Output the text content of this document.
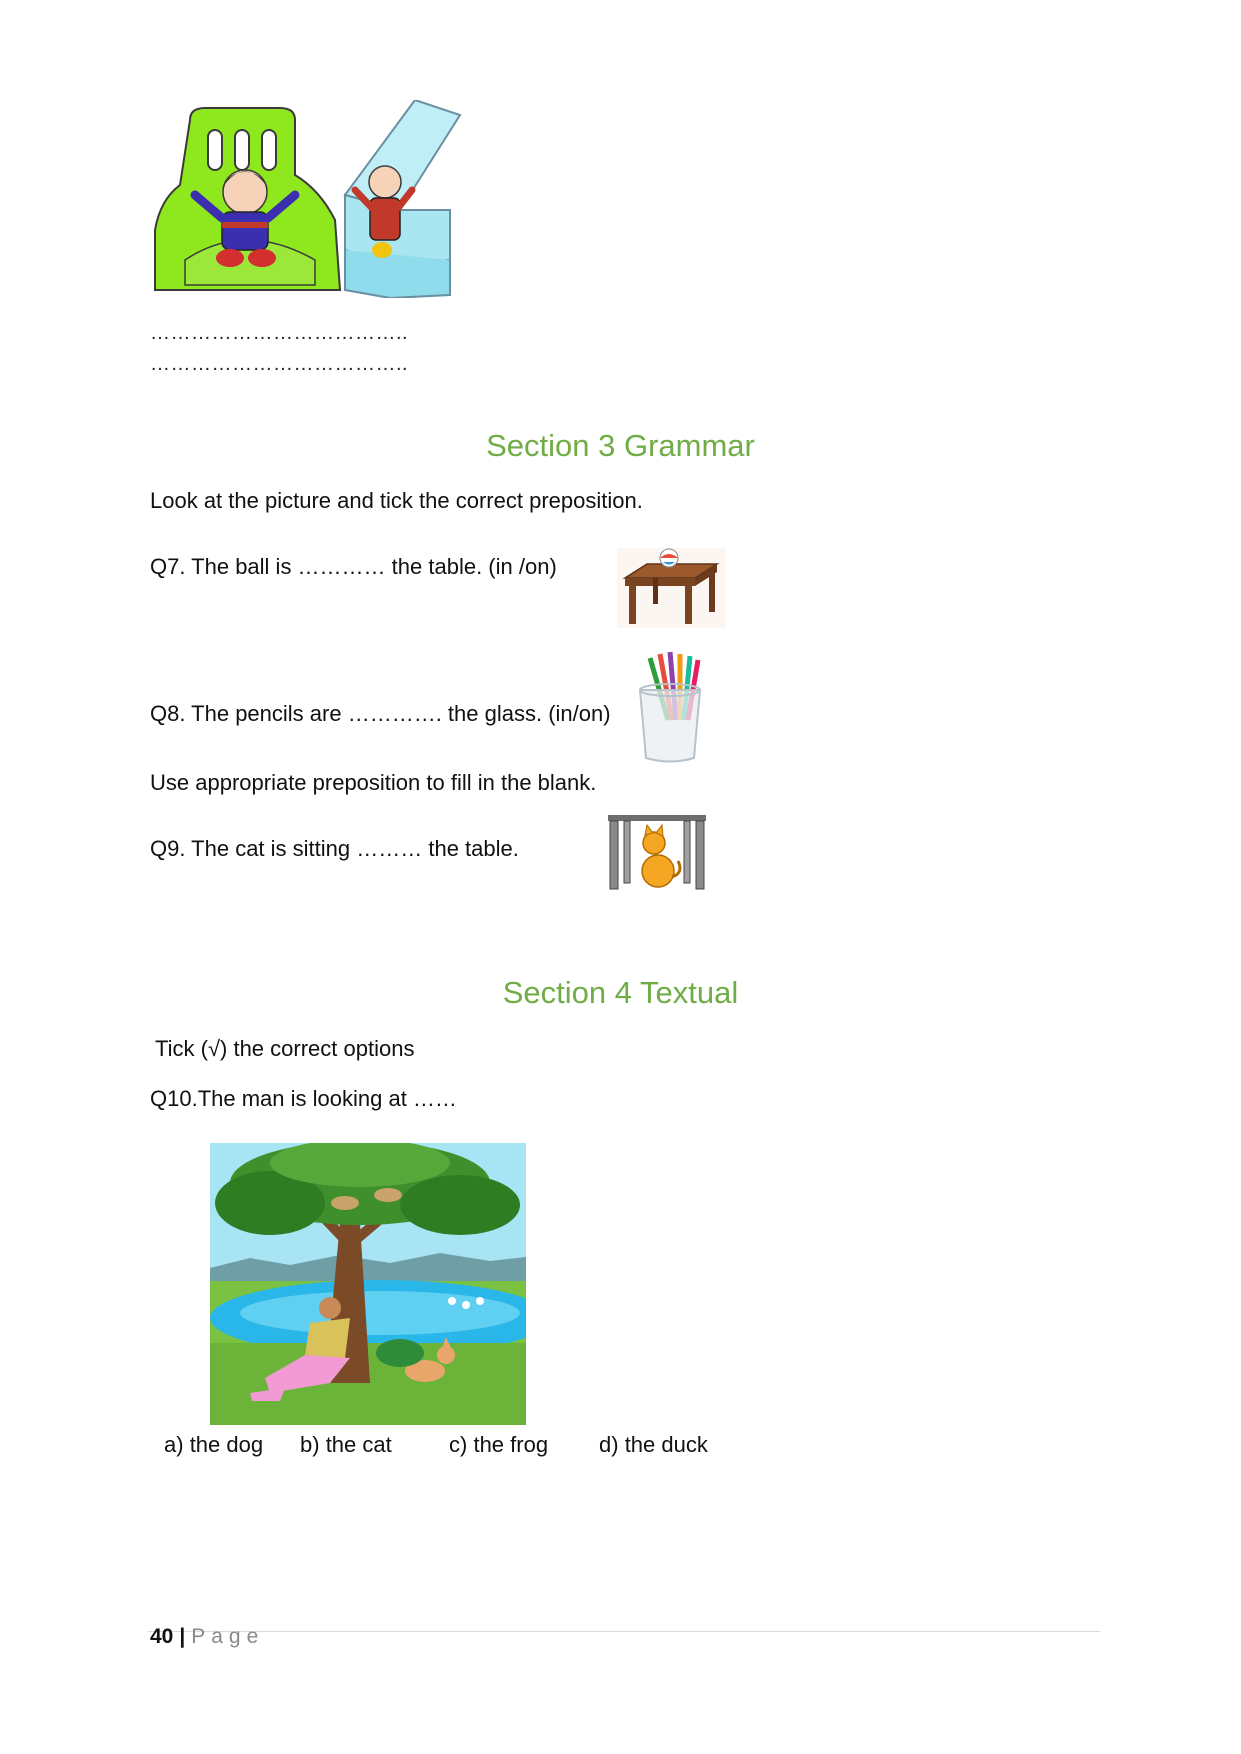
………………………………..
………………………………..
Section 3 Grammar
Look at the picture and tick the correct preposition.
Q7. The ball is ………… the table. (in /on)
Q8. The pencils are …………. the glass. (in/on)
Use appropriate preposition to fill in the blank.
Q9. The cat is sitting ……… the table.
Section 4 Textual
Tick (√) the correct options
Q10.The man is looking at ……
a) the dog b) the cat	c) the frog d) the duck
40 | Page
